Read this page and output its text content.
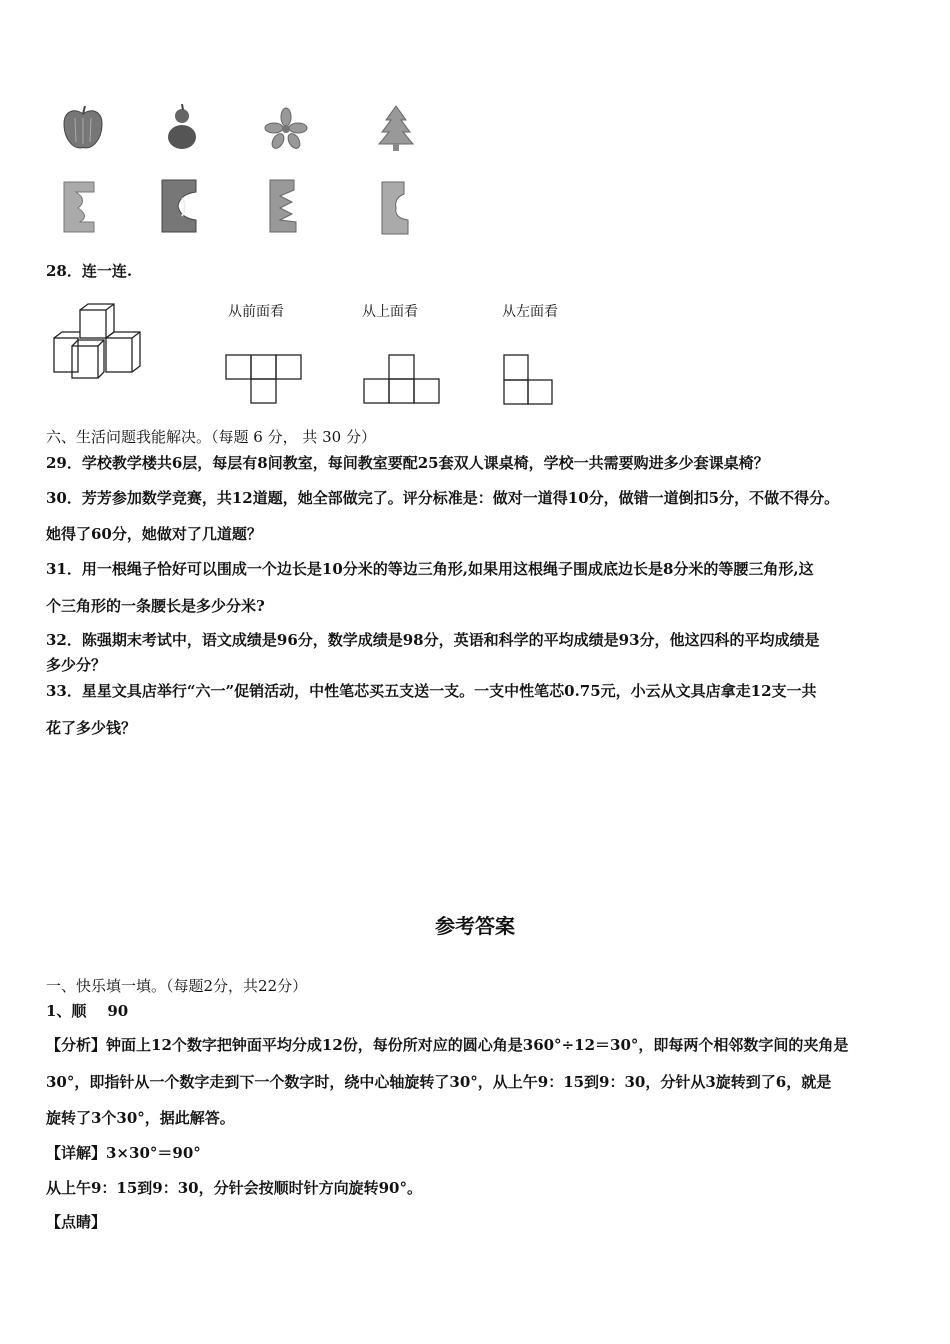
28．连一连.
从前面看	从上面看	从左面看
六、生活问题我能解决。（每题 6 分， 共 30 分）
29．学校教学楼共6层，每层有8间教室，每间教室要配25套双人课桌椅，学校一共需要购进多少套课桌椅？
30．芳芳参加数学竞赛，共12道题，她全部做完了。评分标准是：做对一道得10分，做错一道倒扣5分，不做不得分。
她得了60分，她做对了几道题？
31．用一根绳子恰好可以围成一个边长是10分米的等边三角形,如果用这根绳子围成底边长是8分米的等腰三角形,这
个三角形的一条腰长是多少分米?
32．陈强期末考试中，语文成绩是96分，数学成绩是98分，英语和科学的平均成绩是93分，他这四科的平均成绩是
多少分？
33．星星文具店举行“六一”促销活动，中性笔芯买五支送一支。一支中性笔芯0.75元，小云从文具店拿走12支一共
花了多少钱？
参考答案
一、快乐填一填。（每题2分，共22分）
1、顺    90
【分析】钟面上12个数字把钟面平均分成12份，每份所对应的圆心角是360°÷12＝30°，即每两个相邻数字间的夹角是
30°，即指针从一个数字走到下一个数字时，绕中心轴旋转了30°，从上午9：15到9：30，分针从3旋转到了6，就是
旋转了3个30°，据此解答。
【详解】3×30°＝90°
从上午9：15到9：30，分针会按顺时针方向旋转90°。
【点睛】
